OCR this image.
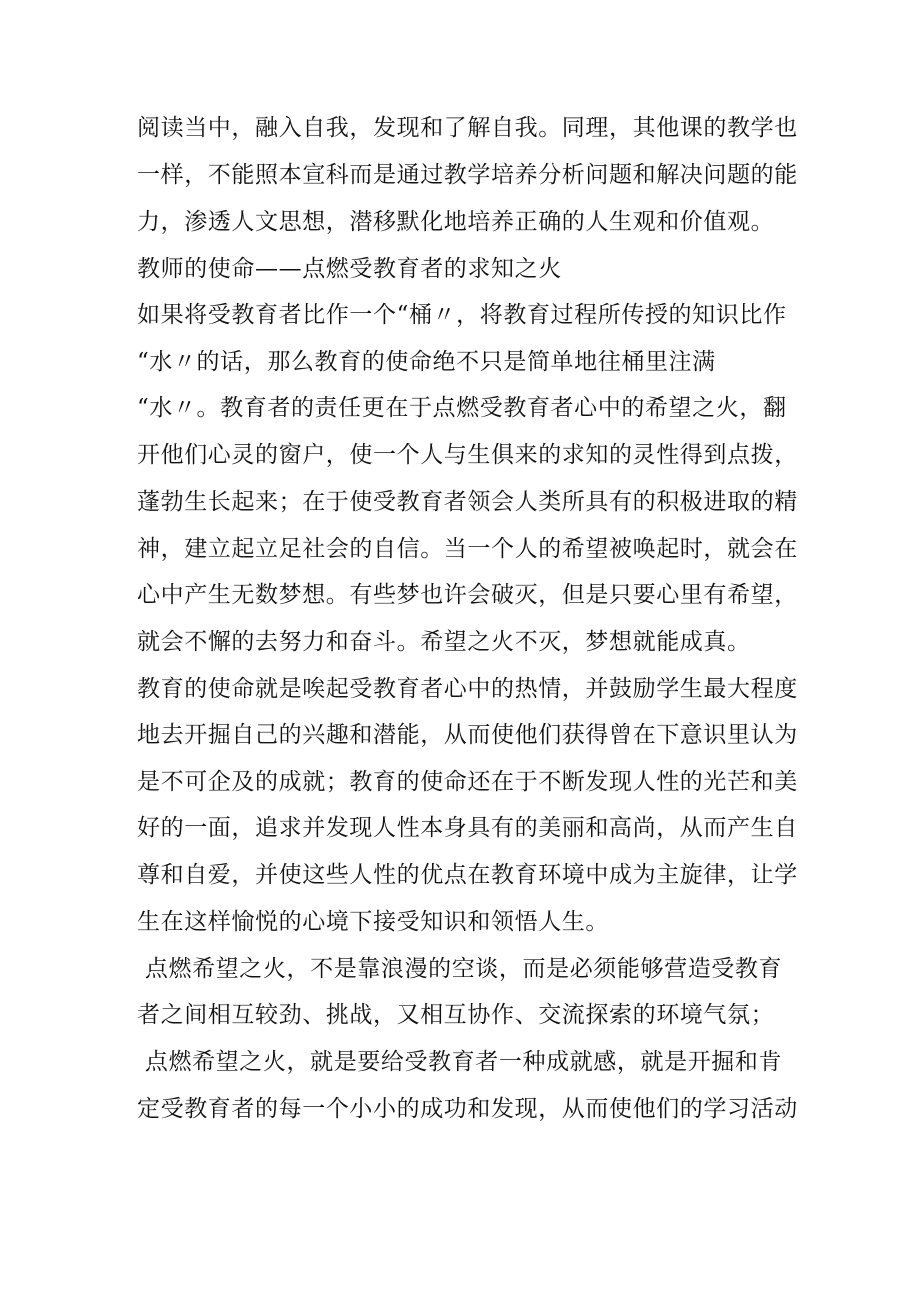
阅读当中，融入自我，发现和了解自我。同理，其他课的教学也
一样，不能照本宣科而是通过教学培养分析问题和解决问题的能
力，渗透人文思想，潜移默化地培养正确的人生观和价值观。
教师的使命——点燃受教育者的求知之火
如果将受教育者比作一个“桶〃，将教育过程所传授的知识比作
“水〃的话，那么教育的使命绝不只是简单地往桶里注满
“水〃。教育者的责任更在于点燃受教育者心中的希望之火，翻
开他们心灵的窗户，使一个人与生俱来的求知的灵性得到点拨，
蓬勃生长起来；在于使受教育者领会人类所具有的积极进取的精
神，建立起立足社会的自信。当一个人的希望被唤起时，就会在
心中产生无数梦想。有些梦也许会破灭，但是只要心里有希望，
就会不懈的去努力和奋斗。希望之火不灭，梦想就能成真。
教育的使命就是唉起受教育者心中的热情，并鼓励学生最大程度
地去开掘自己的兴趣和潜能，从而使他们获得曾在下意识里认为
是不可企及的成就；教育的使命还在于不断发现人性的光芒和美
好的一面，追求并发现人性本身具有的美丽和高尚，从而产生自
尊和自爱，并使这些人性的优点在教育环境中成为主旋律，让学
生在这样愉悦的心境下接受知识和领悟人生。
点燃希望之火，不是靠浪漫的空谈，而是必须能够营造受教育
者之间相互较劲、挑战，又相互协作、交流探索的环境气氛；
点燃希望之火，就是要给受教育者一种成就感，就是开掘和肯
定受教育者的每一个小小的成功和发现，从而使他们的学习活动
